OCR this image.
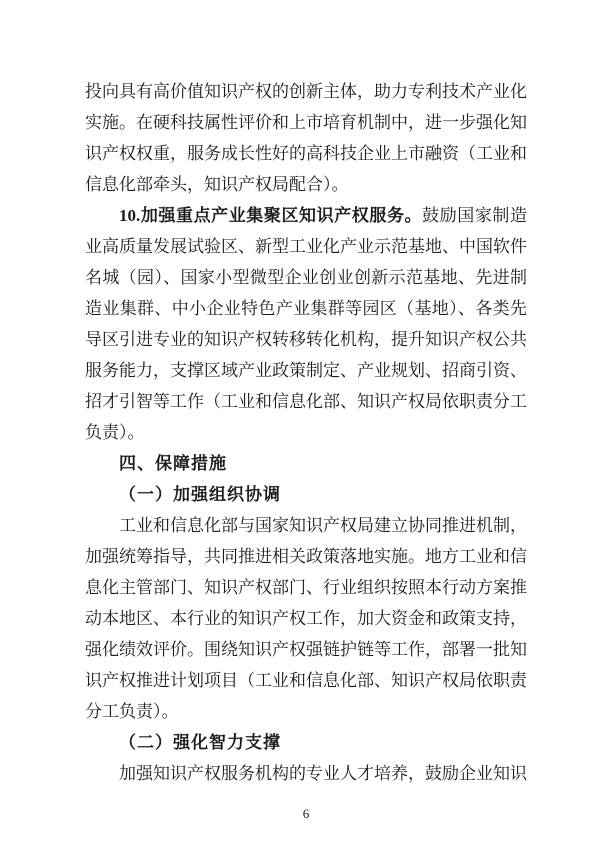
投向具有高价值知识产权的创新主体，助力专利技术产业化实施。在硬科技属性评价和上市培育机制中，进一步强化知识产权权重，服务成长性好的高科技企业上市融资（工业和信息化部牵头，知识产权局配合）。

10.加强重点产业集聚区知识产权服务。鼓励国家制造业高质量发展试验区、新型工业化产业示范基地、中国软件名城（园）、国家小型微型企业创业创新示范基地、先进制造业集群、中小企业特色产业集群等园区（基地）、各类先导区引进专业的知识产权转移转化机构，提升知识产权公共服务能力，支撑区域产业政策制定、产业规划、招商引资、招才引智等工作（工业和信息化部、知识产权局依职责分工负责）。

四、保障措施

（一）加强组织协调

工业和信息化部与国家知识产权局建立协同推进机制，加强统筹指导，共同推进相关政策落地实施。地方工业和信息化主管部门、知识产权部门、行业组织按照本行动方案推动本地区、本行业的知识产权工作，加大资金和政策支持，强化绩效评价。围绕知识产权强链护链等工作，部署一批知识产权推进计划项目（工业和信息化部、知识产权局依职责分工负责）。

（二）强化智力支撑

加强知识产权服务机构的专业人才培养，鼓励企业知识

6
